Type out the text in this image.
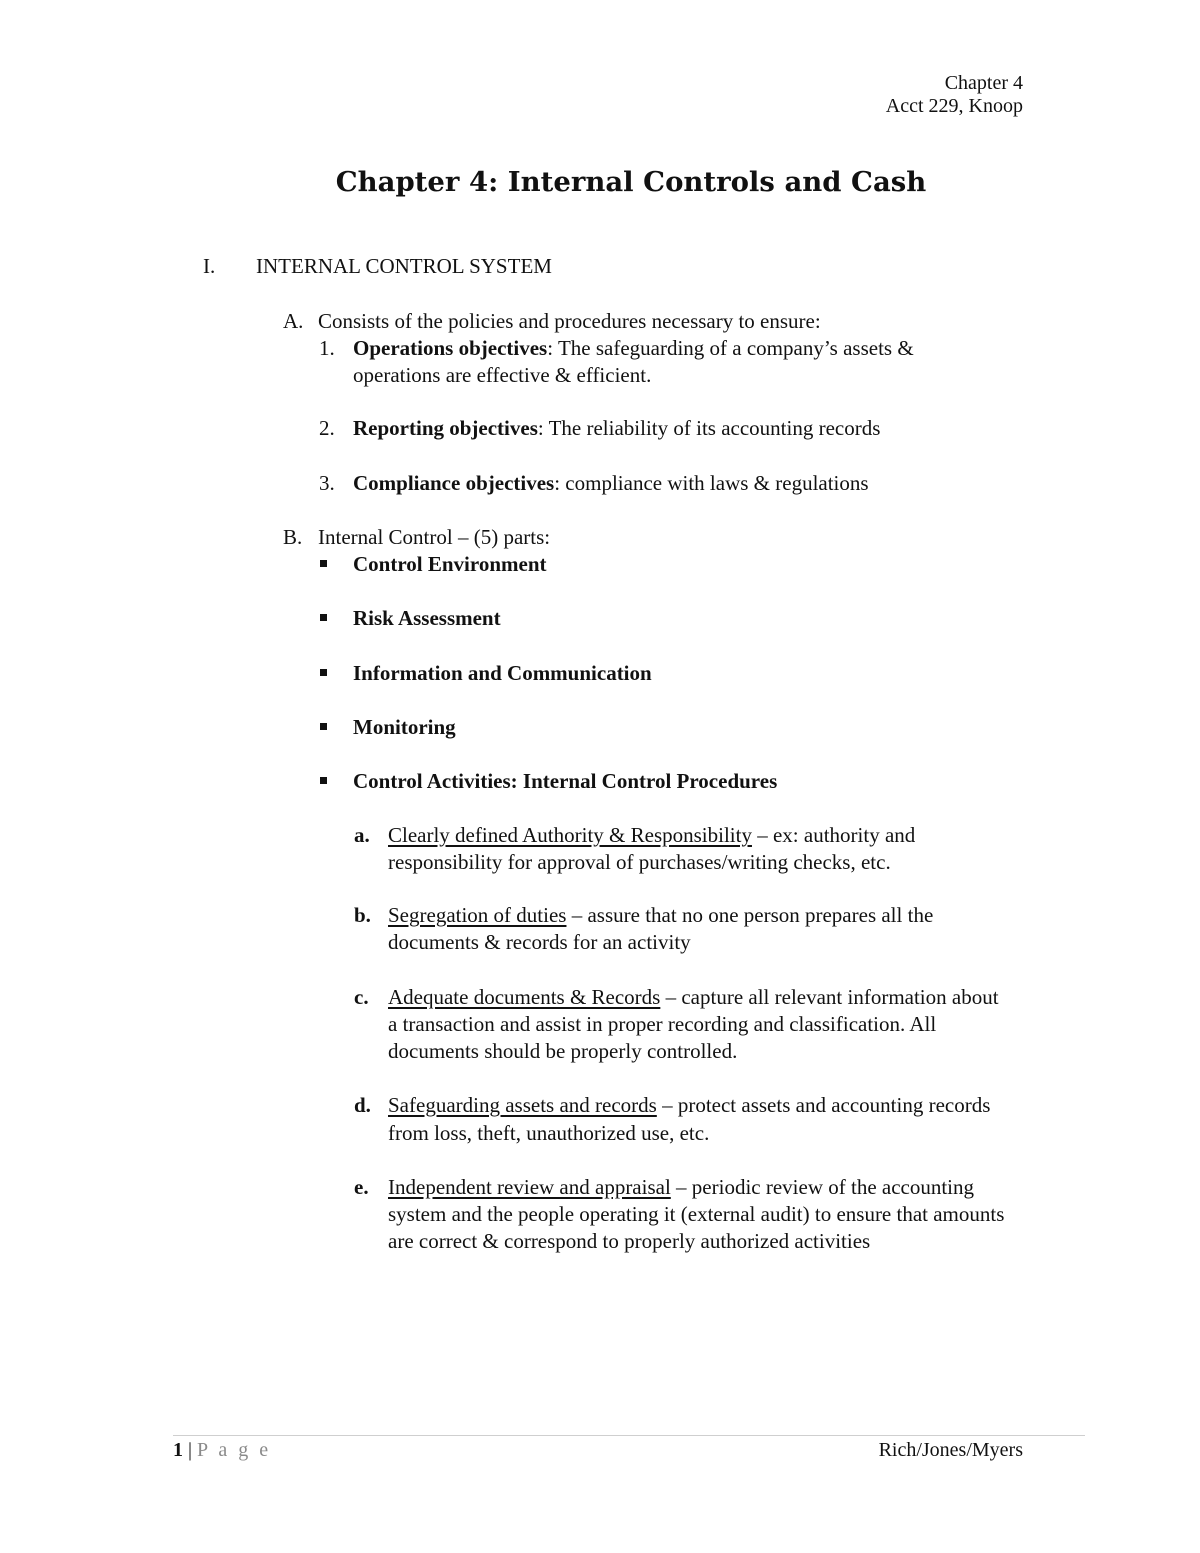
Chapter 4
Acct 229, Knoop
Chapter 4: Internal Controls and Cash
I. INTERNAL CONTROL SYSTEM
A. Consists of the policies and procedures necessary to ensure:
1. Operations objectives: The safeguarding of a company’s assets &
operations are effective & efficient.
2. Reporting objectives: The reliability of its accounting records
3. Compliance objectives: compliance with laws & regulations
B. Internal Control – (5) parts:
Control Environment
Risk Assessment
Information and Communication
Monitoring
Control Activities: Internal Control Procedures
a. Clearly defined Authority & Responsibility – ex: authority and
responsibility for approval of purchases/writing checks, etc.
b. Segregation of duties – assure that no one person prepares all the
documents & records for an activity
c. Adequate documents & Records – capture all relevant information about
a transaction and assist in proper recording and classification. All
documents should be properly controlled.
d. Safeguarding assets and records – protect assets and accounting records
from loss, theft, unauthorized use, etc.
e. Independent review and appraisal – periodic review of the accounting
system and the people operating it (external audit) to ensure that amounts
are correct & correspond to properly authorized activities
1 | P a g e	Rich/Jones/Myers
